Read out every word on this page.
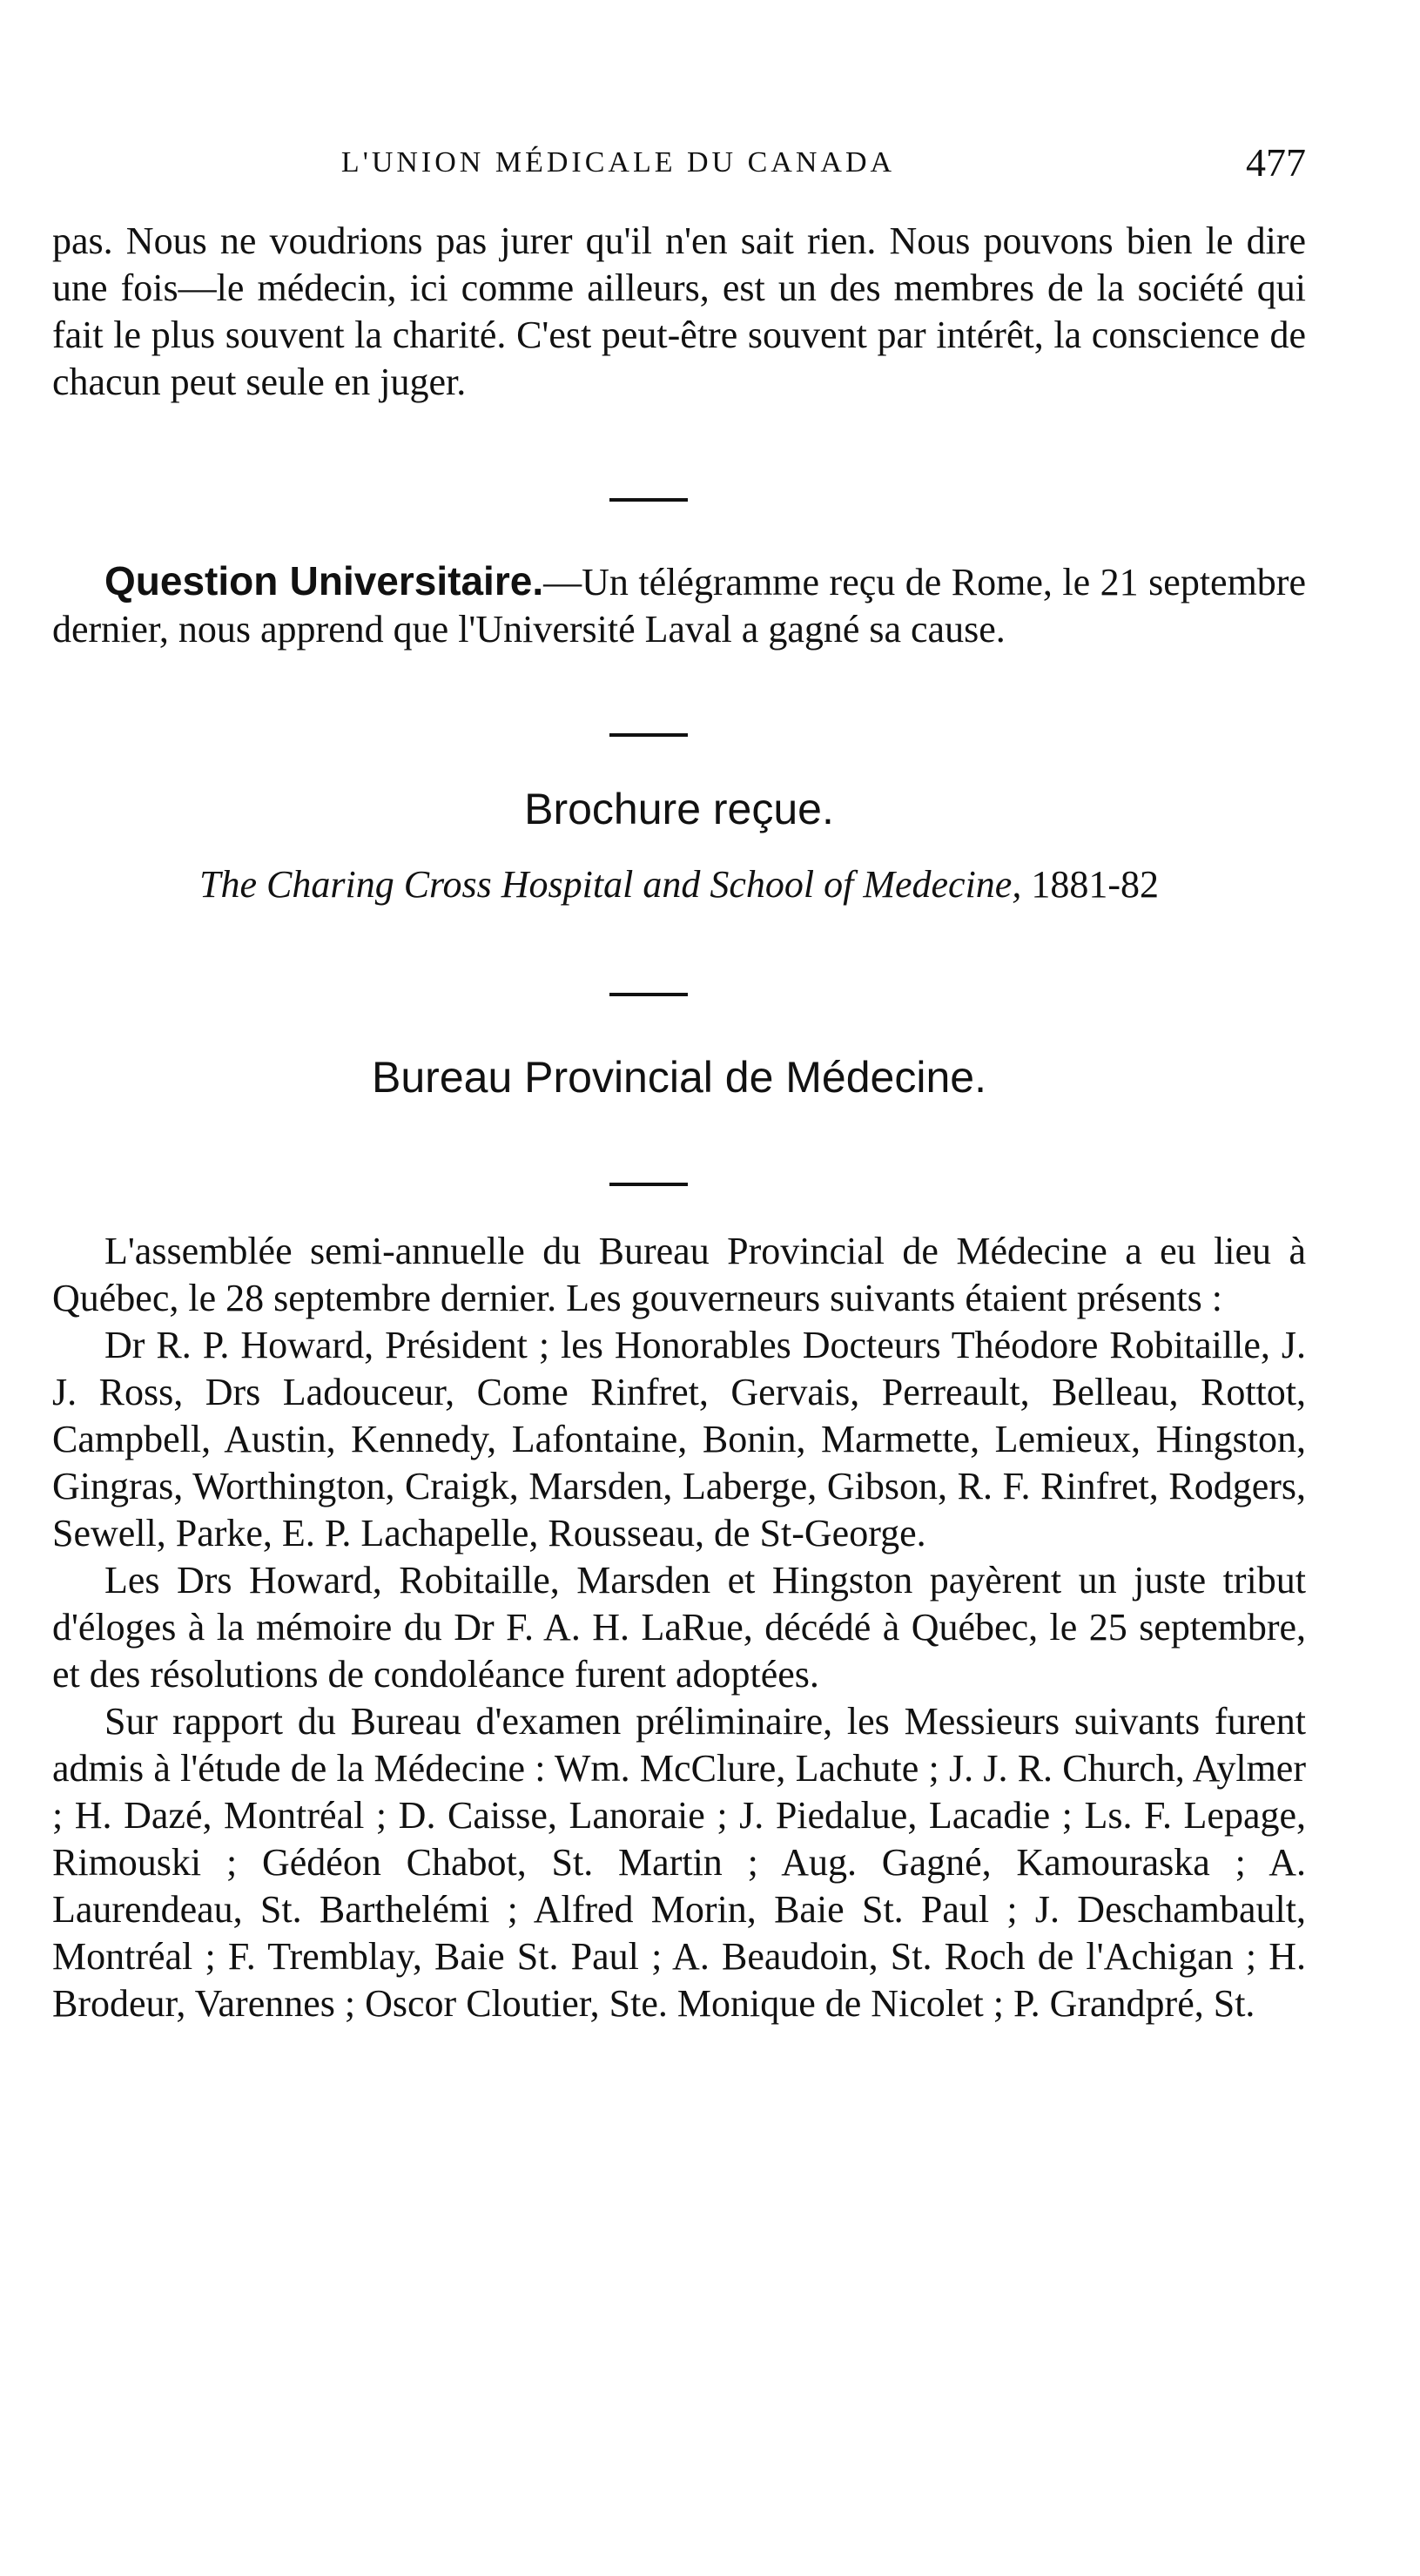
L'UNION MÉDICALE DU CANADA	477

pas. Nous ne voudrions pas jurer qu'il n'en sait rien. Nous pouvons bien le dire une fois—le médecin, ici comme ailleurs, est un des membres de la société qui fait le plus souvent la charité. C'est peut-être souvent par intérêt, la conscience de chacun peut seule en juger.

Question Universitaire.—Un télégramme reçu de Rome, le 21 septembre dernier, nous apprend que l'Université Laval a gagné sa cause.

Brochure reçue.
The Charing Cross Hospital and School of Medecine, 1881-82
Bureau Provincial de Médecine.

L'assemblée semi-annuelle du Bureau Provincial de Médecine a eu lieu à Québec, le 28 septembre dernier. Les gouverneurs suivants étaient présents :

Dr R. P. Howard, Président ; les Honorables Docteurs Théodore Robitaille, J. J. Ross, Drs Ladouceur, Come Rinfret, Gervais, Perreault, Belleau, Rottot, Campbell, Austin, Kennedy, Lafontaine, Bonin, Marmette, Lemieux, Hingston, Gingras, Worthington, Craigk, Marsden, Laberge, Gibson, R. F. Rinfret, Rodgers, Sewell, Parke, E. P. Lachapelle, Rousseau, de St-George.

Les Drs Howard, Robitaille, Marsden et Hingston payèrent un juste tribut d'éloges à la mémoire du Dr F. A. H. LaRue, décédé à Québec, le 25 septembre, et des résolutions de condoléance furent adoptées.

Sur rapport du Bureau d'examen préliminaire, les Messieurs suivants furent admis à l'étude de la Médecine : Wm. McClure, Lachute ; J. J. R. Church, Aylmer ; H. Dazé, Montréal ; D. Caisse, Lanoraie ; J. Piedalue, Lacadie ; Ls. F. Lepage, Rimouski ; Gédéon Chabot, St. Martin ; Aug. Gagné, Kamouraska ; A. Laurendeau, St. Barthelémi ; Alfred Morin, Baie St. Paul ; J. Deschambault, Montréal ; F. Tremblay, Baie St. Paul ; A. Beaudoin, St. Roch de l'Achigan ; H. Brodeur, Varennes ; Oscor Cloutier, Ste. Monique de Nicolet ; P. Grandpré, St.
